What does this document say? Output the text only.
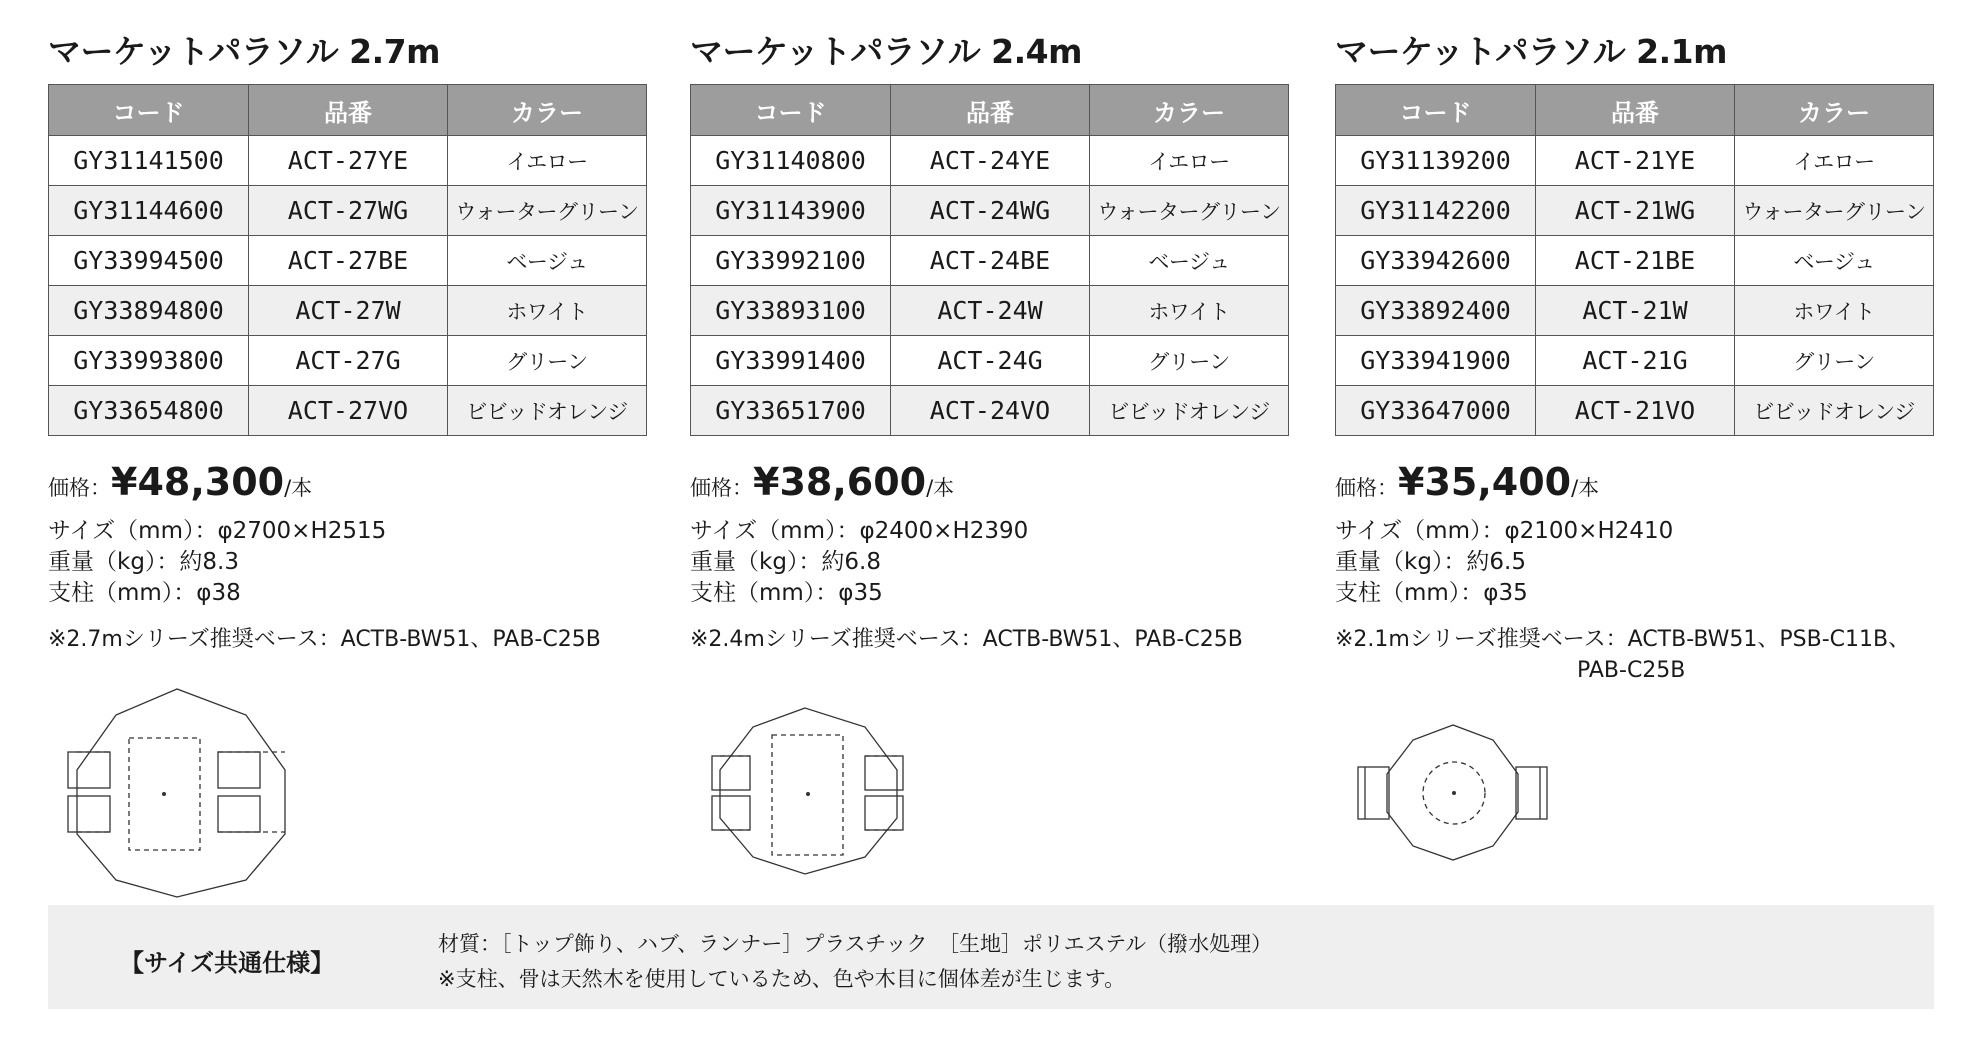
マーケットパラソル 2.7m
コード	品番	カラー
GY31141500	ACT-27YE	イエロー
GY31144600	ACT-27WG	ウォーターグリーン
GY33994500	ACT-27BE	ベージュ
GY33894800	ACT-27W	ホワイト
GY33993800	ACT-27G	グリーン
GY33654800	ACT-27VO	ビビッドオレンジ
価格：¥48,300/本
サイズ（mm）：φ2700×H2515
重量（kg）：約8.3
支柱（mm）：φ38
※2.7mシリーズ推奨ベース：ACTB-BW51、PAB-C25B
マーケットパラソル 2.4m
コード	品番	カラー
GY31140800	ACT-24YE	イエロー
GY31143900	ACT-24WG	ウォーターグリーン
GY33992100	ACT-24BE	ベージュ
GY33893100	ACT-24W	ホワイト
GY33991400	ACT-24G	グリーン
GY33651700	ACT-24VO	ビビッドオレンジ
価格：¥38,600/本
サイズ（mm）：φ2400×H2390
重量（kg）：約6.8
支柱（mm）：φ35
※2.4mシリーズ推奨ベース：ACTB-BW51、PAB-C25B
マーケットパラソル 2.1m
コード	品番	カラー
GY31139200	ACT-21YE	イエロー
GY31142200	ACT-21WG	ウォーターグリーン
GY33942600	ACT-21BE	ベージュ
GY33892400	ACT-21W	ホワイト
GY33941900	ACT-21G	グリーン
GY33647000	ACT-21VO	ビビッドオレンジ
価格：¥35,400/本
サイズ（mm）：φ2100×H2410
重量（kg）：約6.5
支柱（mm）：φ35
※2.1mシリーズ推奨ベース：ACTB-BW51、PSB-C11B、
　　　　　　　　　　　PAB-C25B
【サイズ共通仕様】
材質：［トップ飾り、ハブ、ランナー］プラスチック　［生地］ポリエステル（撥水処理）
※支柱、骨は天然木を使用しているため、色や木目に個体差が生じます。
